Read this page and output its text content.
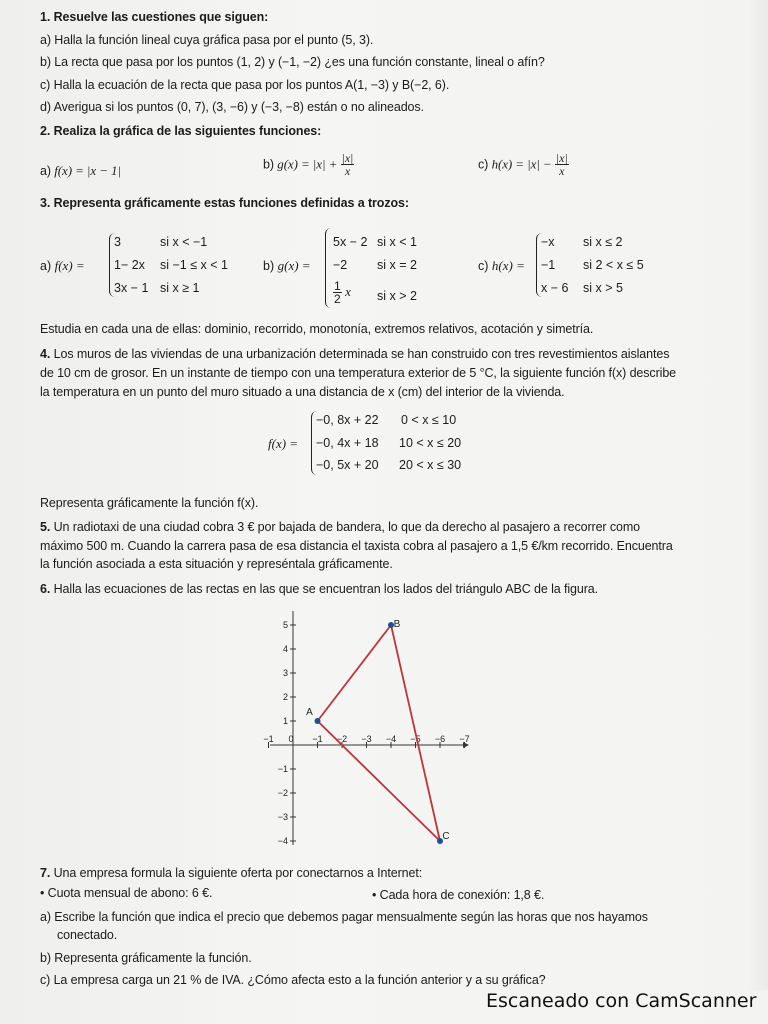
1. Resuelve las cuestiones que siguen:
a) Halla la función lineal cuya gráfica pasa por el punto (5, 3).
b) La recta que pasa por los puntos (1, 2) y (−1, −2) ¿es una función constante, lineal o afín?
c) Halla la ecuación de la recta que pasa por los puntos A(1, −3) y B(−2, 6).
d) Averigua si los puntos (0, 7), (3, −6) y (−3, −8) están o no alineados.
2. Realiza la gráfica de las siguientes funciones:
a) f(x) = |x − 1|	b) $g(x) = |x| + \frac{|x|}{x}$	c) $h(x) = |x| - \frac{|x|}{x}$
3. Representa gráficamente estas funciones definidas a trozos:
a) f(x) =
3	si x < −1
1− 2x si −1 ≤ x < 1
3x − 1 si x ≥ 1
b) g(x) =
5x − 2 si x < 1
−2 si x = 2
$\frac{1}{2}$ x si x > 2
c) h(x) =
−x si x ≤ 2
−1 si 2 < x ≤ 5
x − 6 si x > 5
Estudia en cada una de ellas: dominio, recorrido, monotonía, extremos relativos, acotación y simetría.
4. Los muros de las viviendas de una urbanización determinada se han construido con tres revestimientos aislantes
de 10 cm de grosor. En un instante de tiempo con una temperatura exterior de 5 °C, la siguiente función f(x) describe
la temperatura en un punto del muro situado a una distancia de x (cm) del interior de la vivienda.
f(x) =
−0, 8x + 22 0 < x ≤ 10
−0, 4x + 18 10 < x ≤ 20
−0, 5x + 20 20 < x ≤ 30
Representa gráficamente la función f(x).
5. Un radiotaxi de una ciudad cobra 3 € por bajada de bandera, lo que da derecho al pasajero a recorrer como
máximo 500 m. Cuando la carrera pasa de esa distancia el taxista cobra al pasajero a 1,5 €/km recorrido. Encuentra
la función asociada a esta situación y represéntala gráficamente.
6. Halla las ecuaciones de las rectas en las que se encuentran los lados del triángulo ABC de la figura.
5
4
3
2
1
−1
−2
−3
−4
−1 0 −1 −2 −3 −4 −5 −6 −7
A
B
C
7. Una empresa formula la siguiente oferta por conectarnos a Internet:
• Cuota mensual de abono: 6 €.	• Cada hora de conexión: 1,8 €.
a) Escribe la función que indica el precio que debemos pagar mensualmente según las horas que nos hayamos
conectado.
b) Representa gráficamente la función.
c) La empresa carga un 21 % de IVA. ¿Cómo afecta esto a la función anterior y a su gráfica?
Escaneado con CamScanner
